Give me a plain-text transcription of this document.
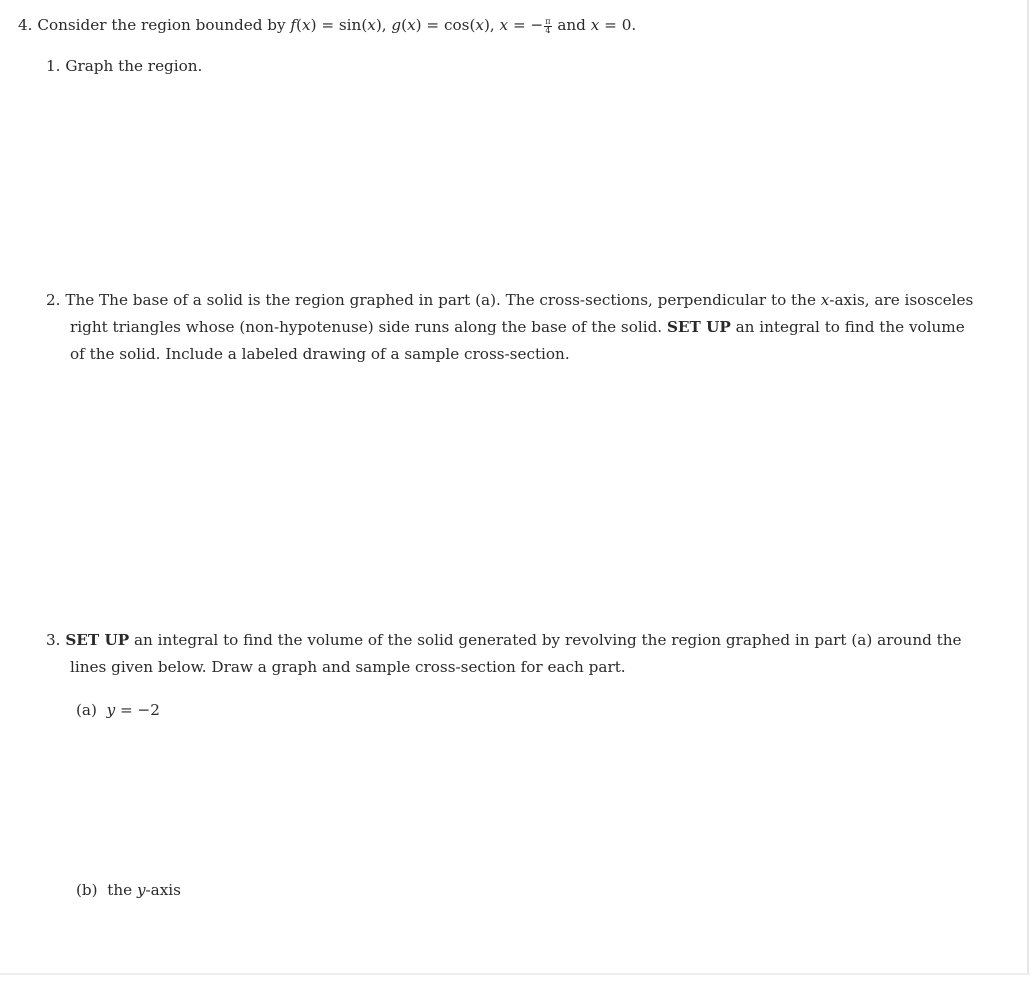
4. Consider the region bounded by f(x) = sin(x), g(x) = cos(x), x = − $\frac{\pi}{4}$ and x = 0.
1. Graph the region.
2. The The base of a solid is the region graphed in part (a). The cross-sections, perpendicular to the x-axis, are isosceles
right triangles whose (non-hypotenuse) side runs along the base of the solid. SET UP an integral to find the volume
of the solid. Include a labeled drawing of a sample cross-section.
3. SET UP an integral to find the volume of the solid generated by revolving the region graphed in part (a) around the
lines given below. Draw a graph and sample cross-section for each part.
(a) y = −2
(b) the y-axis
